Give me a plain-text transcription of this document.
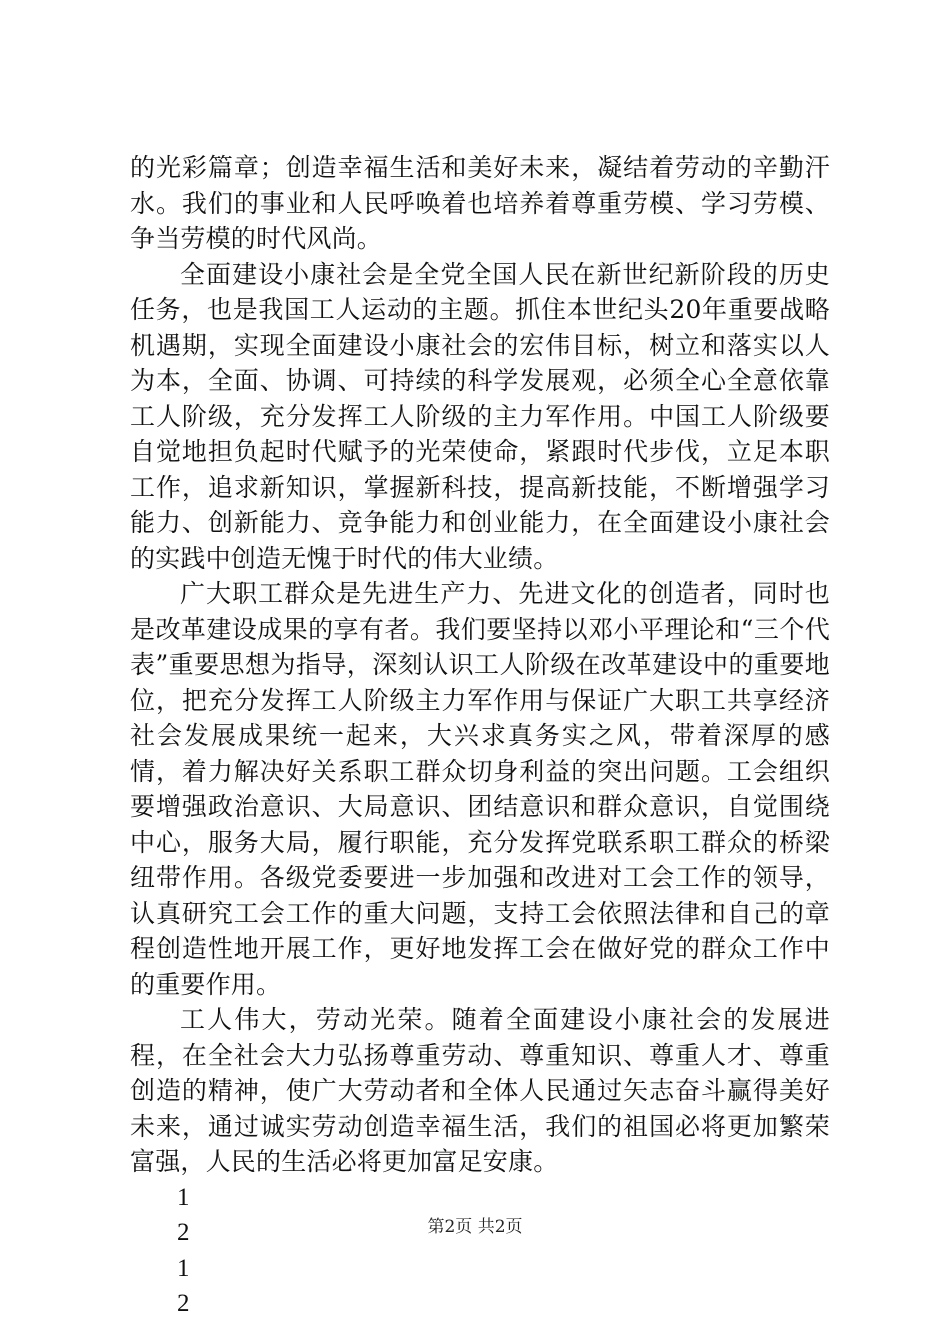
的光彩篇章；创造幸福生活和美好未来，凝结着劳动的辛勤汗水。我们的事业和人民呼唤着也培养着尊重劳模、学习劳模、争当劳模的时代风尚。

全面建设小康社会是全党全国人民在新世纪新阶段的历史任务，也是我国工人运动的主题。抓住本世纪头20年重要战略机遇期，实现全面建设小康社会的宏伟目标，树立和落实以人为本，全面、协调、可持续的科学发展观，必须全心全意依靠工人阶级，充分发挥工人阶级的主力军作用。中国工人阶级要自觉地担负起时代赋予的光荣使命，紧跟时代步伐，立足本职工作，追求新知识，掌握新科技，提高新技能，不断增强学习能力、创新能力、竞争能力和创业能力，在全面建设小康社会的实践中创造无愧于时代的伟大业绩。

广大职工群众是先进生产力、先进文化的创造者，同时也是改革建设成果的享有者。我们要坚持以邓小平理论和“三个代表”重要思想为指导，深刻认识工人阶级在改革建设中的重要地位，把充分发挥工人阶级主力军作用与保证广大职工共享经济社会发展成果统一起来，大兴求真务实之风，带着深厚的感情，着力解决好关系职工群众切身利益的突出问题。工会组织要增强政治意识、大局意识、团结意识和群众意识，自觉围绕中心，服务大局，履行职能，充分发挥党联系职工群众的桥梁纽带作用。各级党委要进一步加强和改进对工会工作的领导，认真研究工会工作的重大问题，支持工会依照法律和自己的章程创造性地开展工作，更好地发挥工会在做好党的群众工作中的重要作用。

工人伟大，劳动光荣。随着全面建设小康社会的发展进程，在全社会大力弘扬尊重劳动、尊重知识、尊重人才、尊重创造的精神，使广大劳动者和全体人民通过矢志奋斗赢得美好未来，通过诚实劳动创造幸福生活，我们的祖国必将更加繁荣富强，人民的生活必将更加富足安康。

1
2
1
2
第2页 共2页
